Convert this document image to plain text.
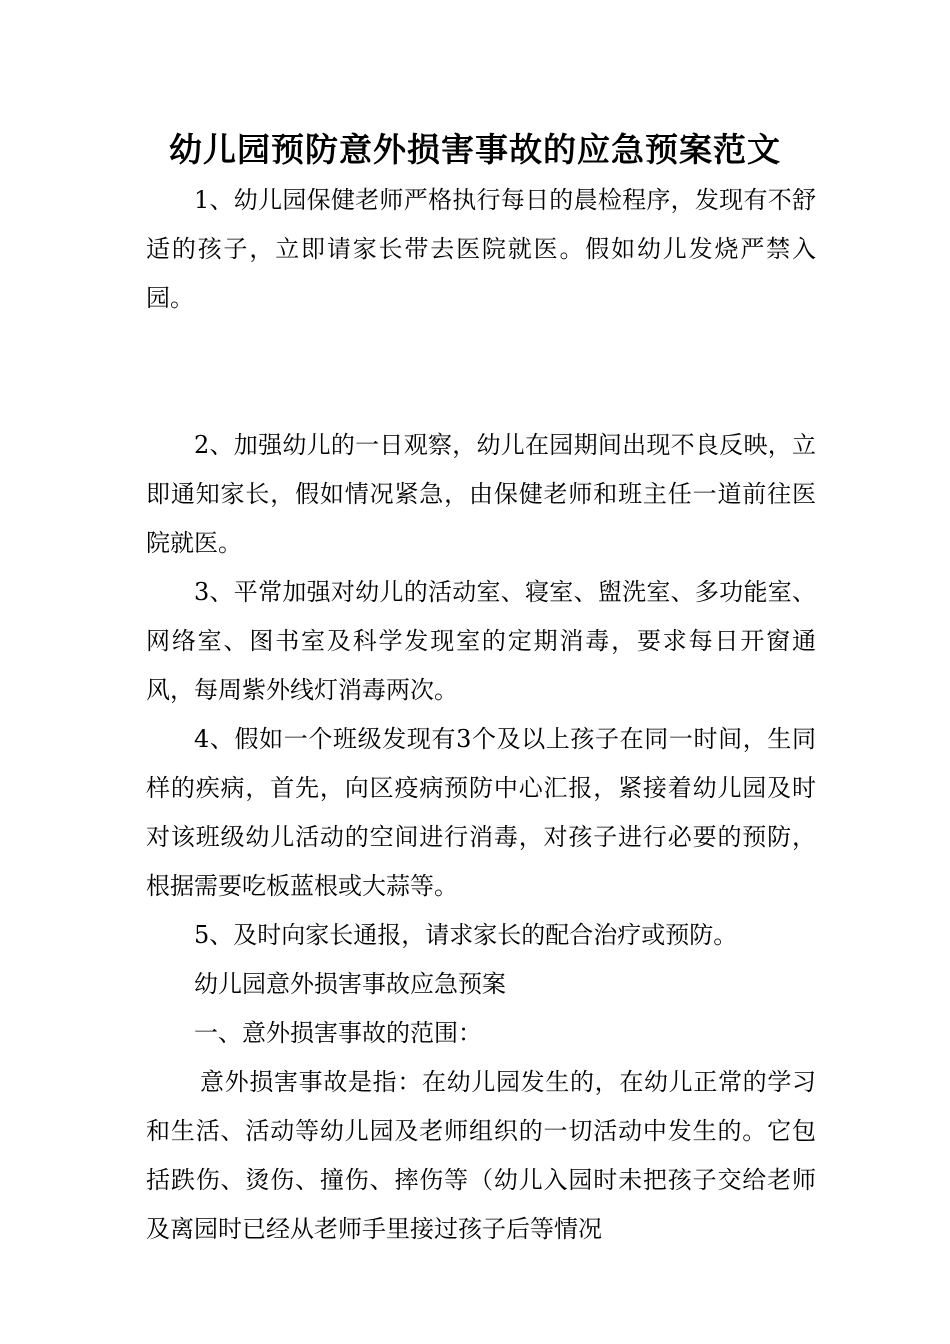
幼儿园预防意外损害事故的应急预案范文

1、幼儿园保健老师严格执行每日的晨检程序，发现有不舒适的孩子，立即请家长带去医院就医。假如幼儿发烧严禁入园。

2、加强幼儿的一日观察，幼儿在园期间出现不良反映，立即通知家长，假如情况紧急，由保健老师和班主任一道前往医院就医。

3、平常加强对幼儿的活动室、寝室、盥洗室、多功能室、网络室、图书室及科学发现室的定期消毒，要求每日开窗通风，每周紫外线灯消毒两次。

4、假如一个班级发现有3个及以上孩子在同一时间，生同样的疾病，首先，向区疫病预防中心汇报，紧接着幼儿园及时对该班级幼儿活动的空间进行消毒，对孩子进行必要的预防，根据需要吃板蓝根或大蒜等。

5、及时向家长通报，请求家长的配合治疗或预防。

幼儿园意外损害事故应急预案

一、意外损害事故的范围：

意外损害事故是指：在幼儿园发生的，在幼儿正常的学习和生活、活动等幼儿园及老师组织的一切活动中发生的。它包括跌伤、烫伤、撞伤、摔伤等（幼儿入园时未把孩子交给老师及离园时已经从老师手里接过孩子后等情况
